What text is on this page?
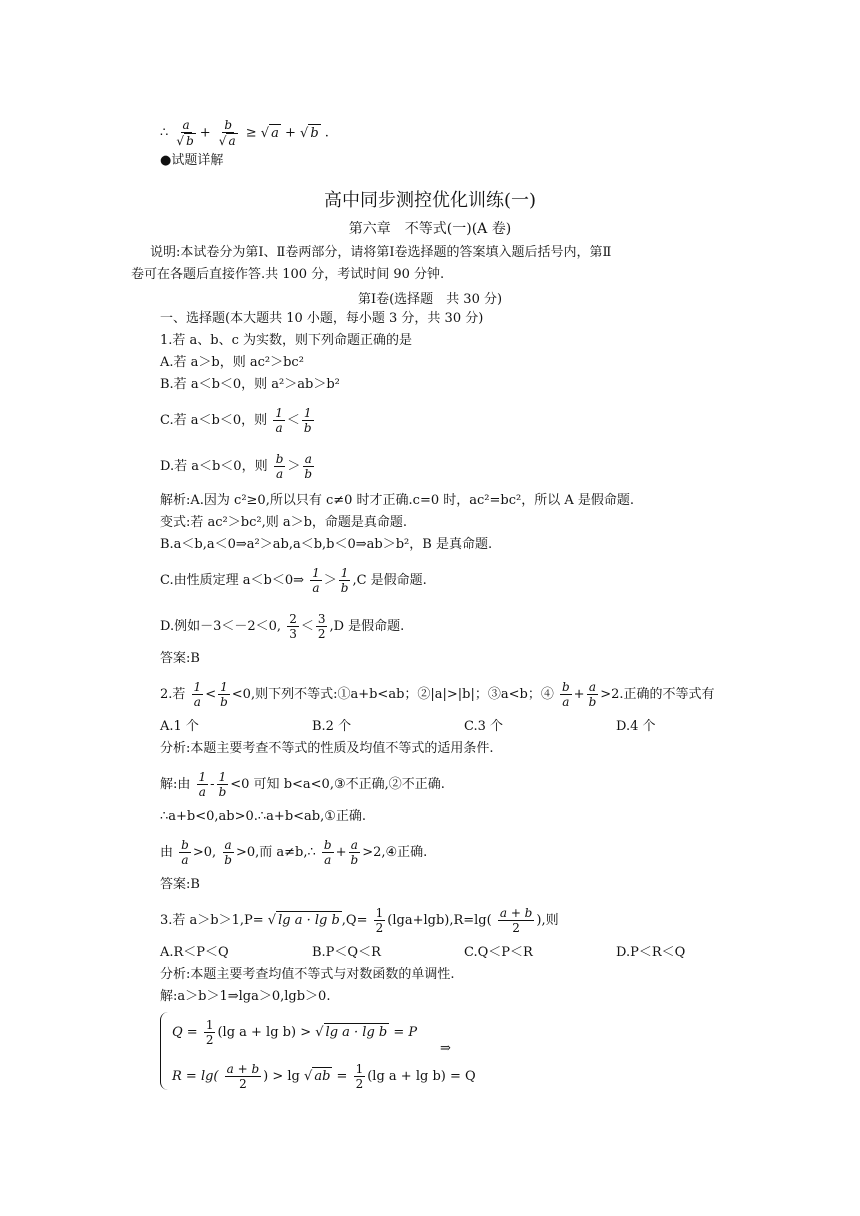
∴ a
√ b + b
√ a ≥ √ a + √ b .
●试题详解
高中同步测控优化训练(一)
第六章　不等式(一)(A 卷)
说明:本试卷分为第Ⅰ、Ⅱ卷两部分，请将第Ⅰ卷选择题的答案填入题后括号内，第Ⅱ
卷可在各题后直接作答.共 100 分，考试时间 90 分钟.
第Ⅰ卷(选择题　共 30 分)
一、选择题(本大题共 10 小题，每小题 3 分，共 30 分)
1.若 a、b、c 为实数，则下列命题正确的是
A.若 a＞b，则 ac²＞bc²
B.若 a＜b＜0，则 a²＞ab＞b²
C.若 a＜b＜0，则 $\frac{1}{a} < \frac{1}{b}$
D.若 a＜b＜0，则 $\frac{b}{a} > \frac{a}{b}$
解析:A.因为 c²≥0,所以只有 c≠0 时才正确.c=0 时，ac²=bc²，所以 A 是假命题.
变式:若 ac²＞bc²,则 a＞b，命题是真命题.
B.a＜b,a＜0⇒a²＞ab,a＜b,b＜0⇒ab＞b²，B 是真命题.
C.由性质定理 a＜b＜0⇒ $\frac{1}{a} > \frac{1}{b} ,C$ 是假命题.
D.例如－3＜－2＜0, $\frac{2}{3} < \frac{3}{2} ,D$ 是假命题.
答案:B
2.若 $\frac{1}{a} < \frac{1}{b} <0$,则下列不等式:①a+b<ab；②|a|>|b|；③a<b；④ $\frac{b}{a} + \frac{a}{b} >2$.正确的不等式有
A.1 个	B.2 个	C.3 个	D.4 个
分析:本题主要考查不等式的性质及均值不等式的适用条件.
解:由 $\frac{1}{a} - \frac{1}{b} <0$ 可知 b<a<0,③不正确,②不正确.
∴a+b<0,ab>0.∴a+b<ab,①正确.
由 $\frac{b}{a} >0$, $\frac{a}{b} >0$,而 a≠b,∴ $\frac{b}{a} + \frac{a}{b}$ >2,④正确.
答案:B
3.若 a＞b＞1,P= √ lg a · lg b $,Q= \frac{1}{2} (\lg a+\lg b),R=\lg( \frac{a + b}{2}$ ),则
A.R＜P＜Q	B.P＜Q＜R	C.Q＜P＜R	D.P＜R＜Q
分析:本题主要考查均值不等式与对数函数的单调性.
解:a＞b＞1⇒lga＞0,lgb＞0.
$Q = \frac{1}{2} (\lg$ a + lg b) > √ lg a · lg b = P
⇒
$R = \lg( \frac{a + b}{2}$ ) > lg √ ab = $\frac{1}{2} (\lg$ a + lg b) = Q
